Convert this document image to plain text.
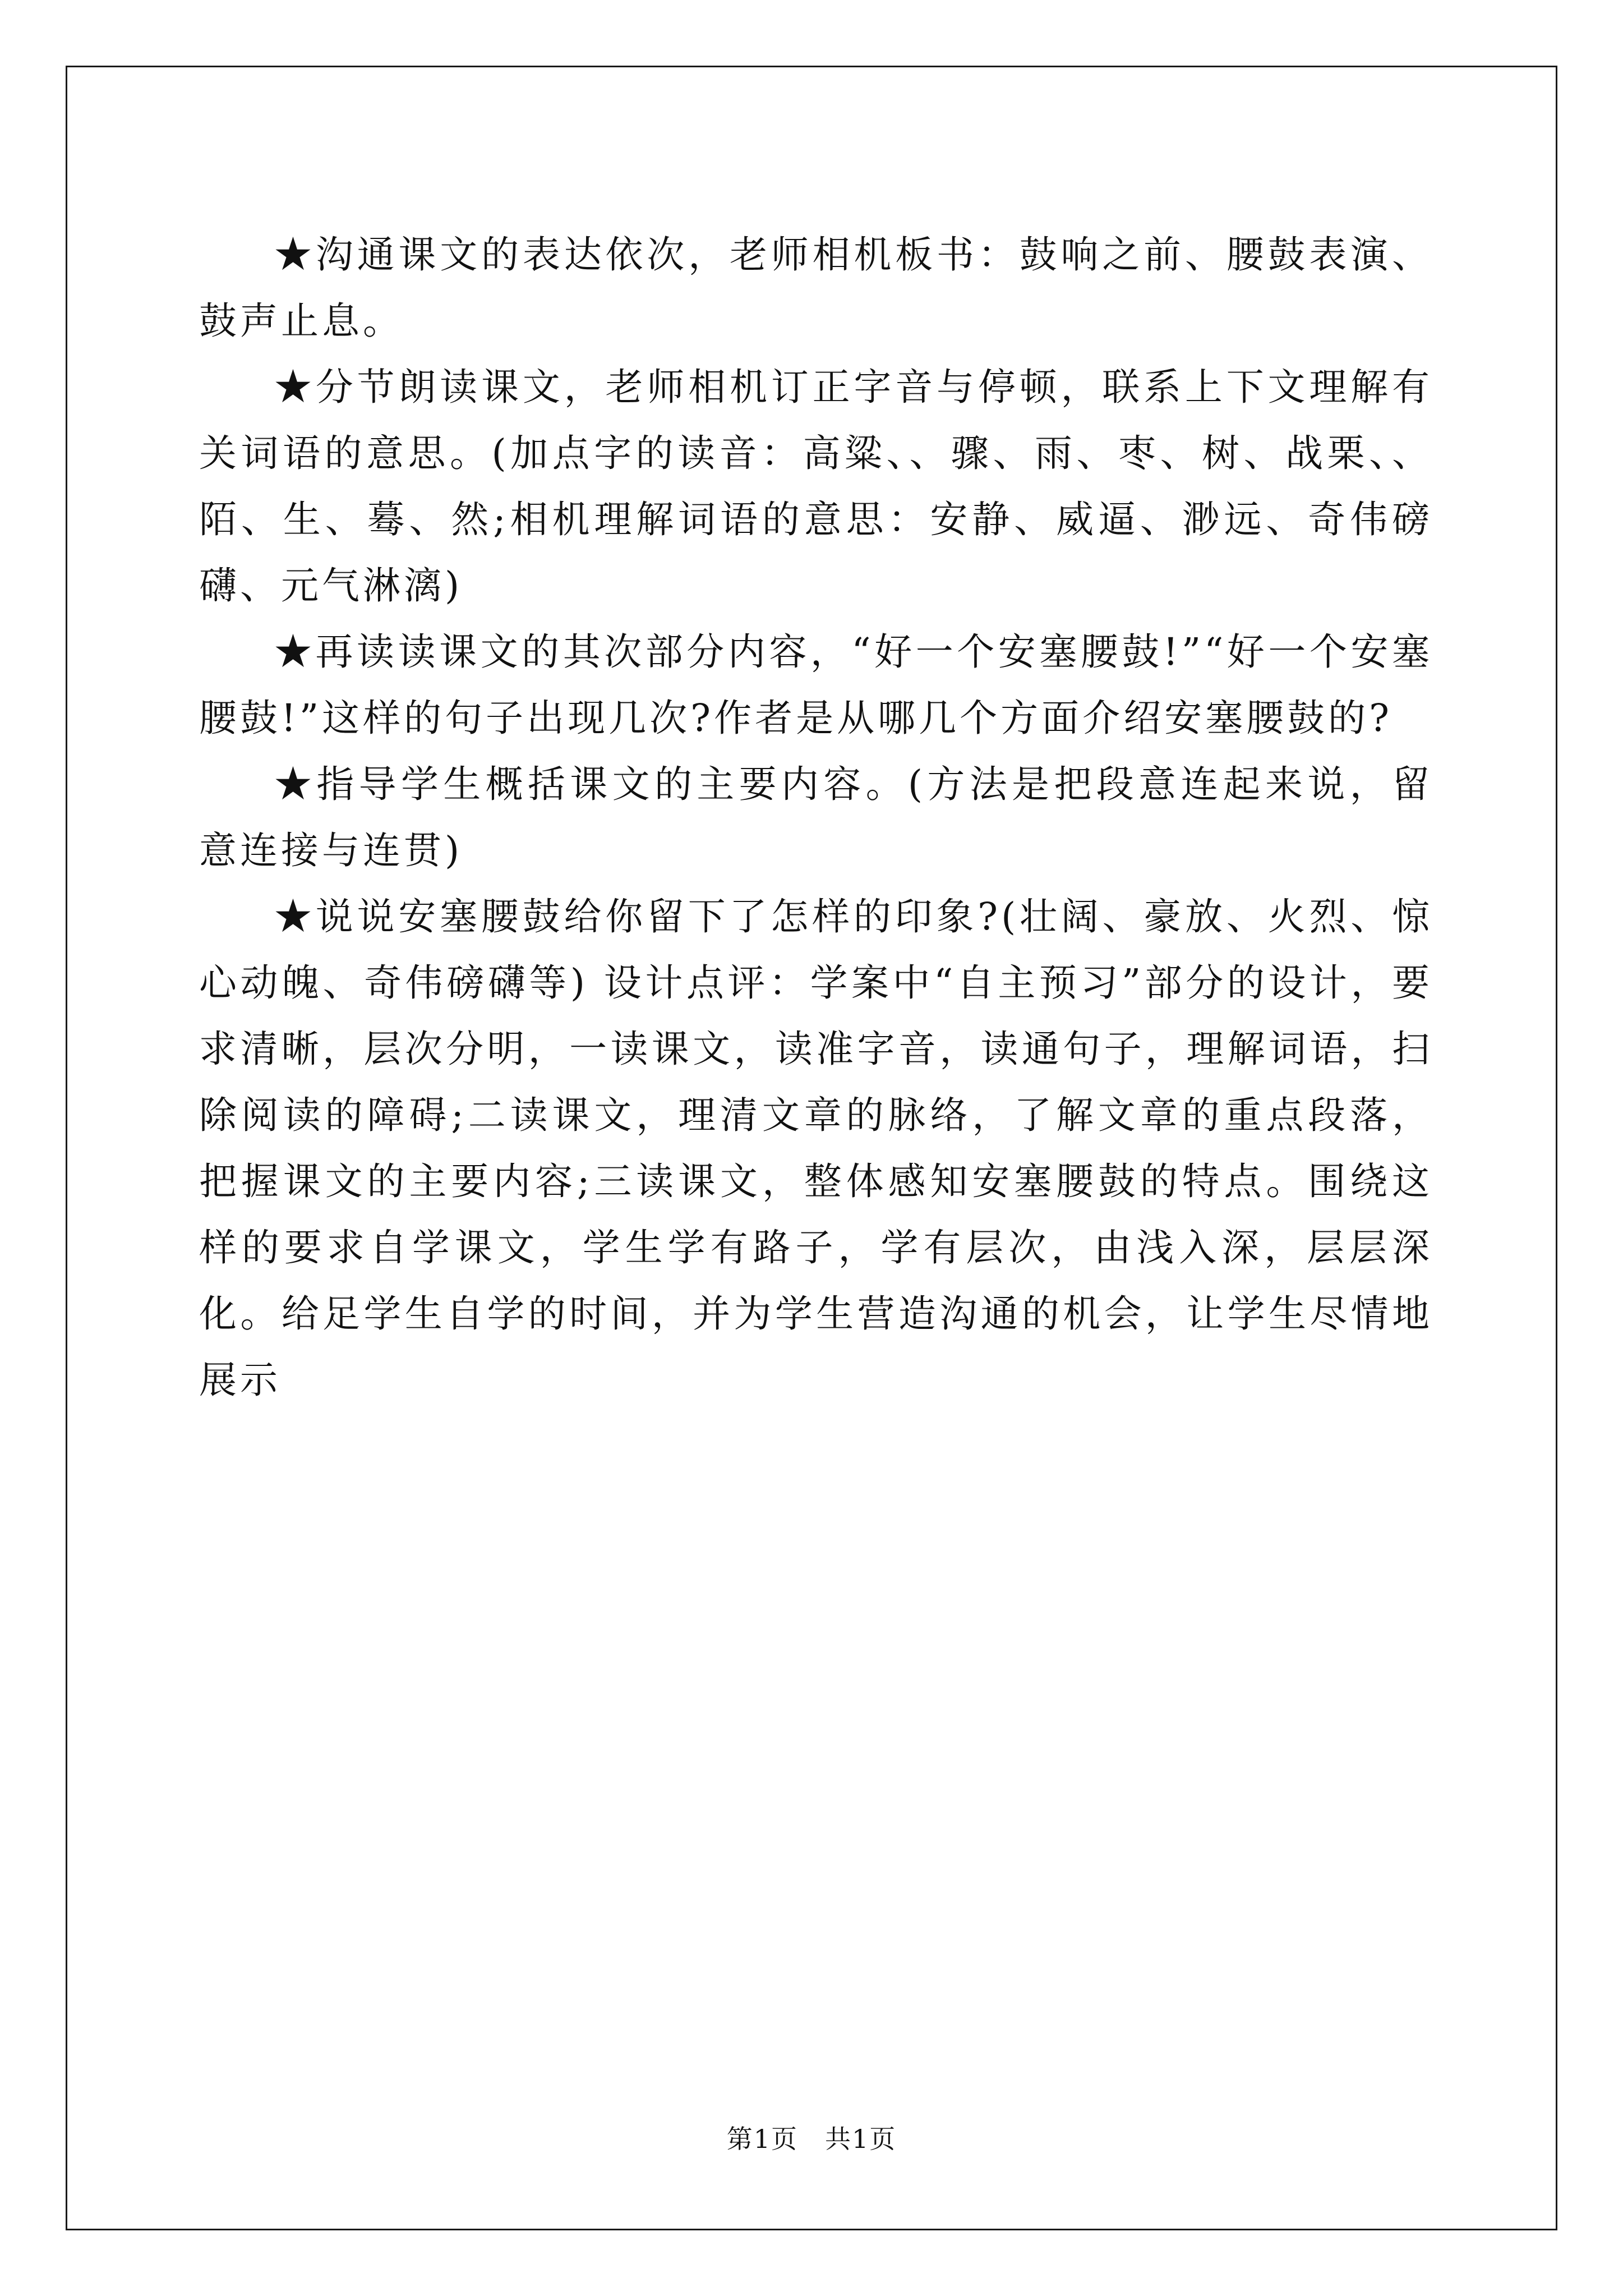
★沟通课文的表达依次，老师相机板书：鼓响之前、腰鼓表演、鼓声止息。

★分节朗读课文，老师相机订正字音与停顿，联系上下文理解有关词语的意思。(加点字的读音：高粱、、骤、雨、枣、树、战栗、、陌、生、蓦、然;相机理解词语的意思：安静、威逼、渺远、奇伟磅礴、元气淋漓)

★再读读课文的其次部分内容，“好一个安塞腰鼓!”“好一个安塞腰鼓!”这样的句子出现几次?作者是从哪几个方面介绍安塞腰鼓的?

★指导学生概括课文的主要内容。(方法是把段意连起来说，留意连接与连贯)

★说说安塞腰鼓给你留下了怎样的印象?(壮阔、豪放、火烈、惊心动魄、奇伟磅礴等) 设计点评：学案中“自主预习”部分的设计，要求清晰，层次分明，一读课文，读准字音，读通句子，理解词语，扫除阅读的障碍;二读课文，理清文章的脉络，了解文章的重点段落，把握课文的主要内容;三读课文，整体感知安塞腰鼓的特点。围绕这样的要求自学课文，学生学有路子，学有层次，由浅入深，层层深化。给足学生自学的时间，并为学生营造沟通的机会，让学生尽情地展示

第1页　共1页
